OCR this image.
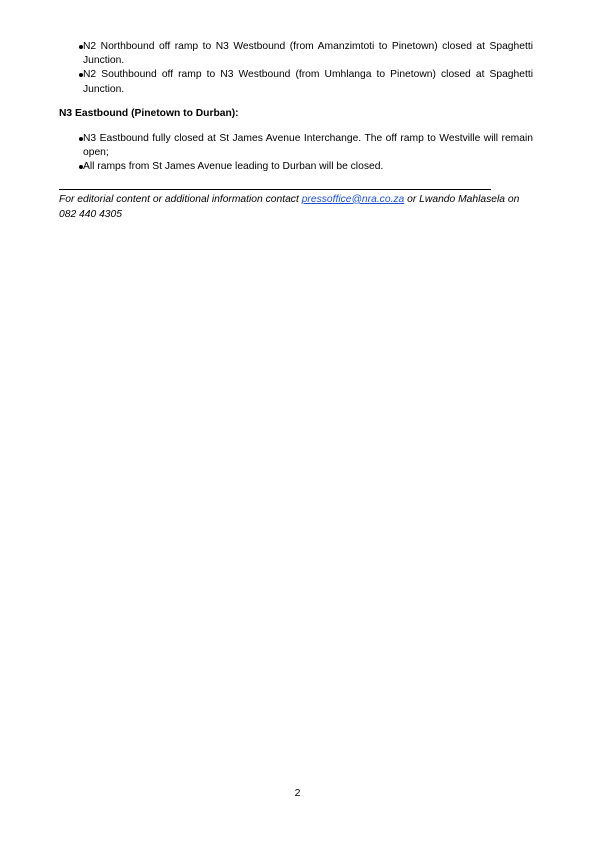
N2 Northbound off ramp to N3 Westbound (from Amanzimtoti to Pinetown) closed at Spaghetti Junction.
N2 Southbound off ramp to N3 Westbound (from Umhlanga to Pinetown) closed at Spaghetti Junction.
N3 Eastbound (Pinetown to Durban):
N3 Eastbound fully closed at St James Avenue Interchange. The off ramp to Westville will remain open;
All ramps from St James Avenue leading to Durban will be closed.
For editorial content or additional information contact pressoffice@nra.co.za or Lwando Mahlasela on 082 440 4305
2
